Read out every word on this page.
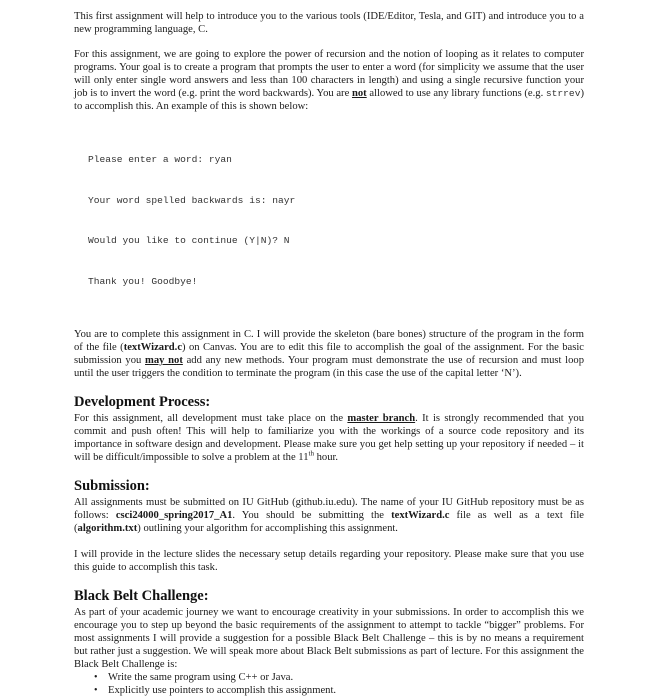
This first assignment will help to introduce you to the various tools (IDE/Editor, Tesla, and GIT) and introduce you to a new programming language, C.

For this assignment, we are going to explore the power of recursion and the notion of looping as it relates to computer programs. Your goal is to create a program that prompts the user to enter a word (for simplicity we assume that the user will only enter single word answers and less than 100 characters in length) and using a single recursive function your job is to invert the word (e.g. print the word backwards). You are not allowed to use any library functions (e.g. strrev) to accomplish this. An example of this is shown below:

Please enter a word: ryan

Your word spelled backwards is: nayr

Would you like to continue (Y|N)? N

Thank you! Goodbye!

You are to complete this assignment in C. I will provide the skeleton (bare bones) structure of the program in the form of the file (textWizard.c) on Canvas. You are to edit this file to accomplish the goal of the assignment. For the basic submission you may not add any new methods. Your program must demonstrate the use of recursion and must loop until the user triggers the condition to terminate the program (in this case the use of the capital letter ‘N’).

Development Process:

For this assignment, all development must take place on the master branch. It is strongly recommended that you commit and push often! This will help to familiarize you with the workings of a source code repository and its importance in software design and development. Please make sure you get help setting up your repository if needed – it will be difficult/impossible to solve a problem at the 11th hour.

Submission:

All assignments must be submitted on IU GitHub (github.iu.edu). The name of your IU GitHub repository must be as follows: csci24000_spring2017_A1. You should be submitting the textWizard.c file as well as a text file (algorithm.txt) outlining your algorithm for accomplishing this assignment.

I will provide in the lecture slides the necessary setup details regarding your repository. Please make sure that you use this guide to accomplish this task.

Black Belt Challenge:

As part of your academic journey we want to encourage creativity in your submissions. In order to accomplish this we encourage you to step up beyond the basic requirements of the assignment to attempt to tackle “bigger” problems. For most assignments I will provide a suggestion for a possible Black Belt Challenge – this is by no means a requirement but rather just a suggestion. We will speak more about Black Belt submissions as part of lecture. For this assignment the Black Belt Challenge is:

• Write the same program using C++ or Java.
• Explicitly use pointers to accomplish this assignment.
